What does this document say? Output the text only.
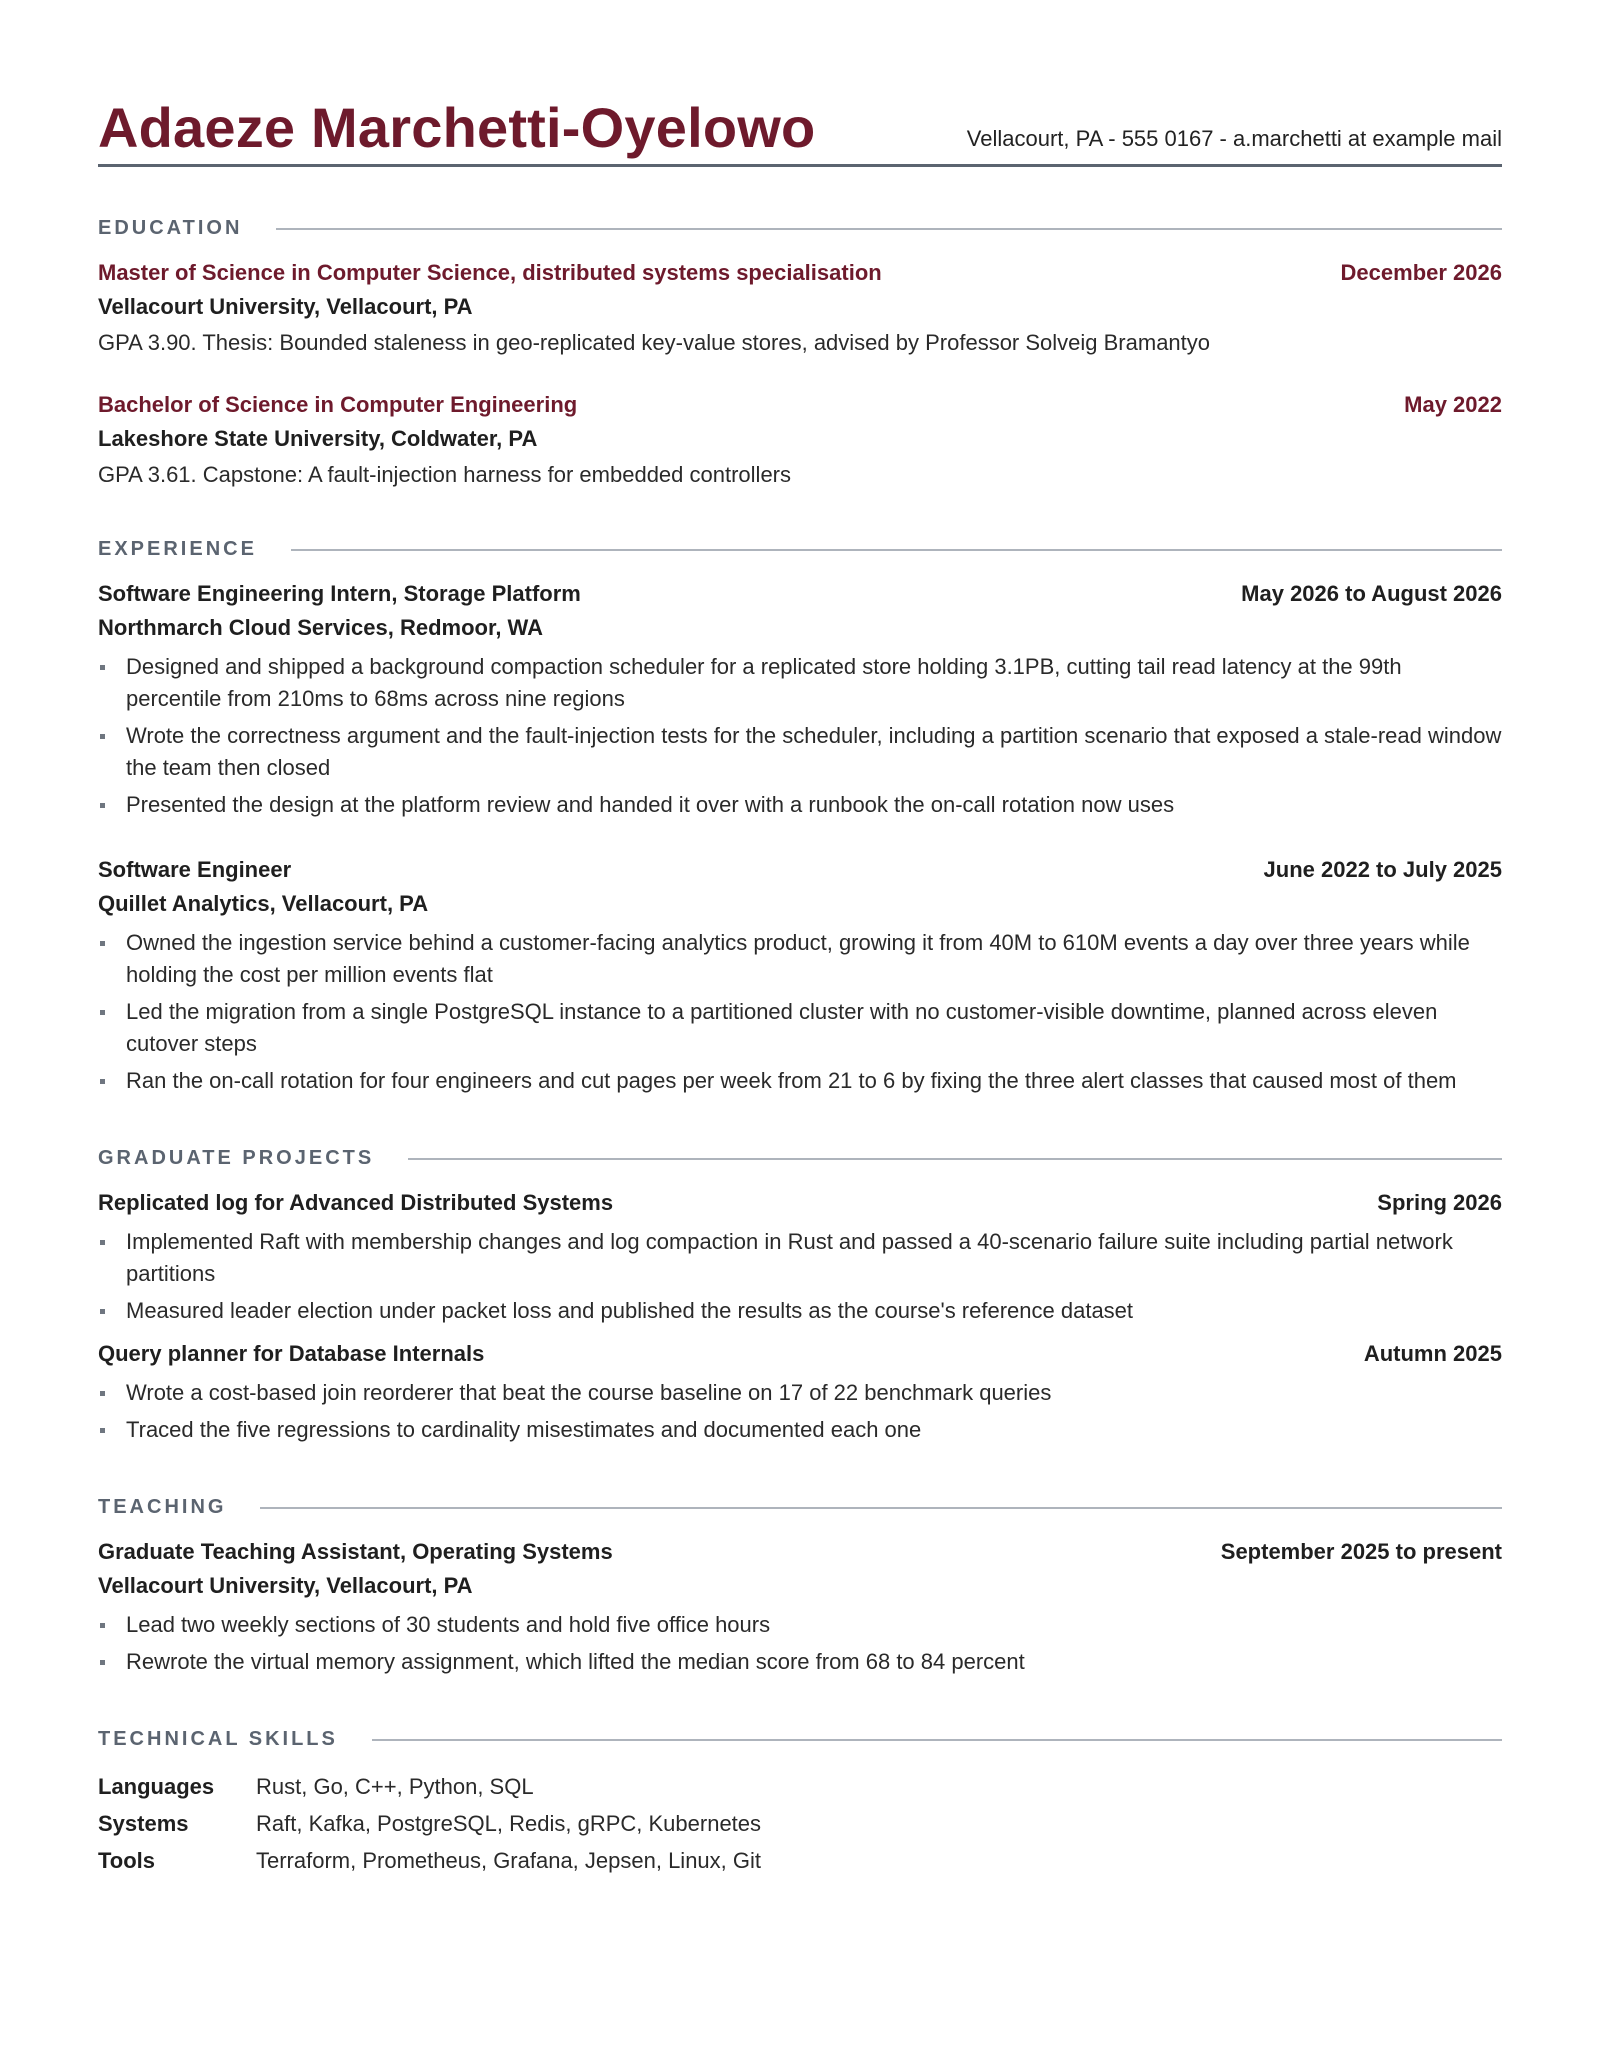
Adaeze Marchetti-Oyelowo	Vellacourt, PA - 555 0167 - a.marchetti at example mail
EDUCATION
Master of Science in Computer Science, distributed systems specialisation	December 2026
Vellacourt University, Vellacourt, PA
GPA 3.90. Thesis: Bounded staleness in geo-replicated key-value stores, advised by Professor Solveig Bramantyo
Bachelor of Science in Computer Engineering	May 2022
Lakeshore State University, Coldwater, PA
GPA 3.61. Capstone: A fault-injection harness for embedded controllers
EXPERIENCE
Software Engineering Intern, Storage Platform	May 2026 to August 2026
Northmarch Cloud Services, Redmoor, WA
Designed and shipped a background compaction scheduler for a replicated store holding 3.1PB, cutting tail read latency at the 99th percentile from 210ms to 68ms across nine regions
Wrote the correctness argument and the fault-injection tests for the scheduler, including a partition scenario that exposed a stale-read window the team then closed
Presented the design at the platform review and handed it over with a runbook the on-call rotation now uses
Software Engineer	June 2022 to July 2025
Quillet Analytics, Vellacourt, PA
Owned the ingestion service behind a customer-facing analytics product, growing it from 40M to 610M events a day over three years while holding the cost per million events flat
Led the migration from a single PostgreSQL instance to a partitioned cluster with no customer-visible downtime, planned across eleven cutover steps
Ran the on-call rotation for four engineers and cut pages per week from 21 to 6 by fixing the three alert classes that caused most of them
GRADUATE PROJECTS
Replicated log for Advanced Distributed Systems	Spring 2026
Implemented Raft with membership changes and log compaction in Rust and passed a 40-scenario failure suite including partial network partitions
Measured leader election under packet loss and published the results as the course's reference dataset
Query planner for Database Internals	Autumn 2025
Wrote a cost-based join reorderer that beat the course baseline on 17 of 22 benchmark queries
Traced the five regressions to cardinality misestimates and documented each one
TEACHING
Graduate Teaching Assistant, Operating Systems	September 2025 to present
Vellacourt University, Vellacourt, PA
Lead two weekly sections of 30 students and hold five office hours
Rewrote the virtual memory assignment, which lifted the median score from 68 to 84 percent
TECHNICAL SKILLS
Languages	Rust, Go, C++, Python, SQL
Systems	Raft, Kafka, PostgreSQL, Redis, gRPC, Kubernetes
Tools	Terraform, Prometheus, Grafana, Jepsen, Linux, Git
